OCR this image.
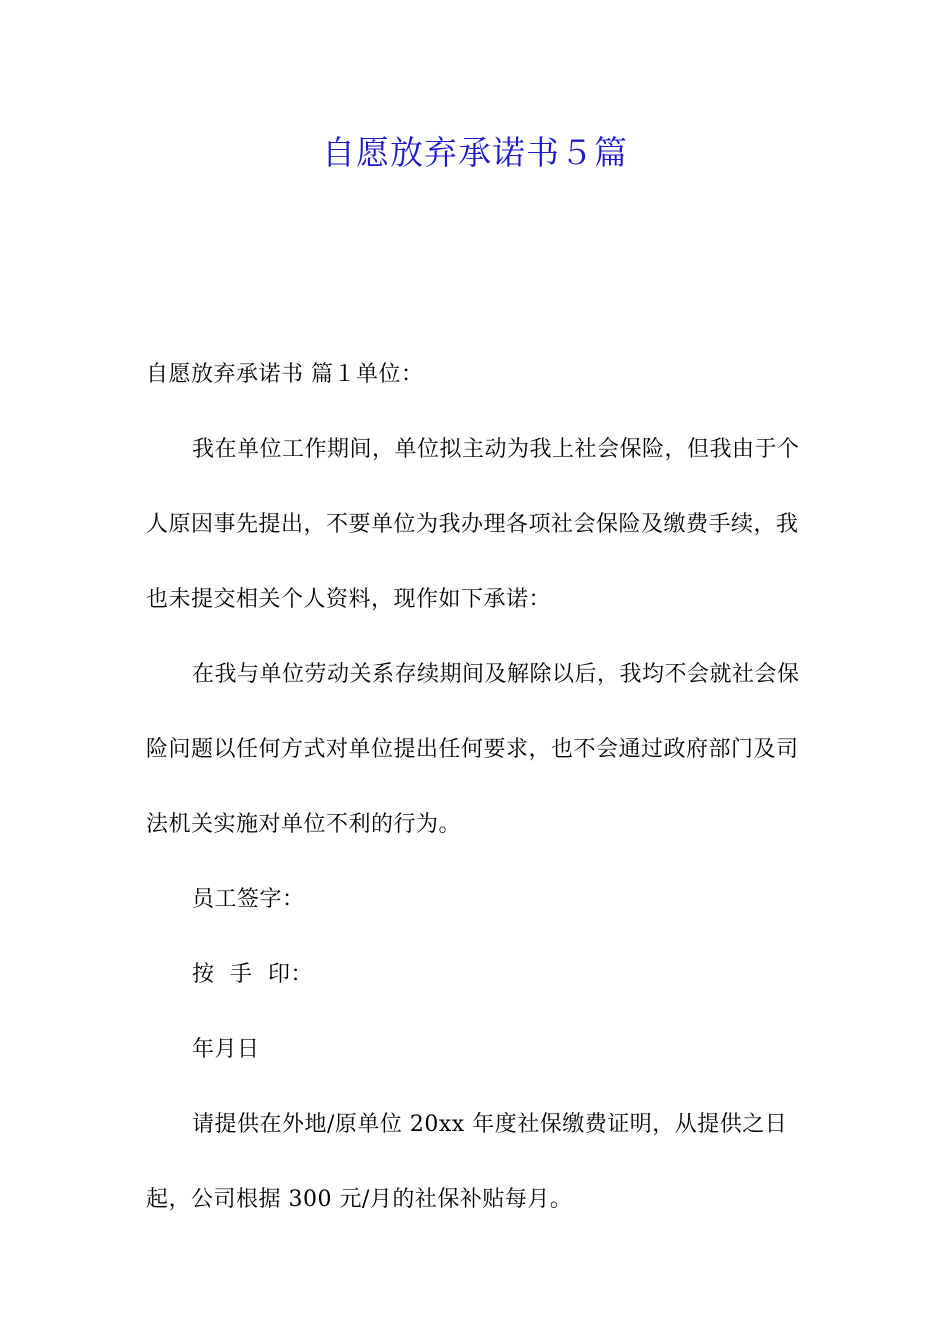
自愿放弃承诺书５篇

自愿放弃承诺书 篇１单位：

我在单位工作期间，单位拟主动为我上社会保险，但我由于个人原因事先提出，不要单位为我办理各项社会保险及缴费手续，我也未提交相关个人资料，现作如下承诺：

在我与单位劳动关系存续期间及解除以后，我均不会就社会保险问题以任何方式对单位提出任何要求，也不会通过政府部门及司法机关实施对单位不利的行为。

员工签字：

按 手 印：

年月日

请提供在外地/原单位 20xx 年度社保缴费证明，从提供之日起，公司根据 300 元/月的社保补贴每月。
